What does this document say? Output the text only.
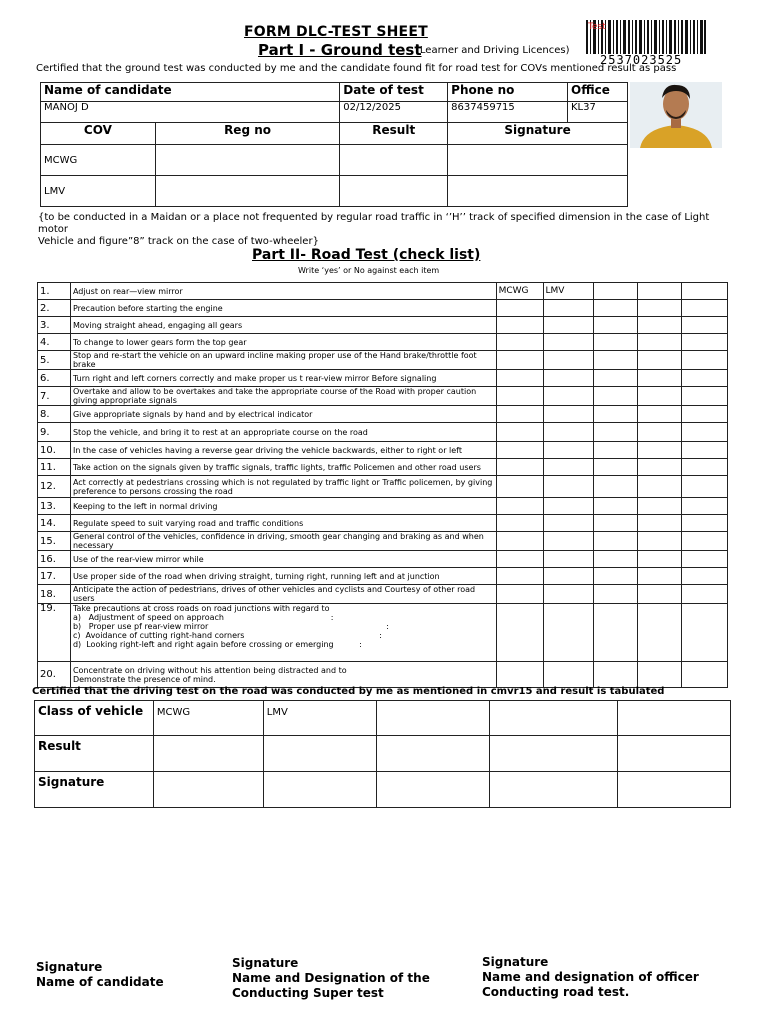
FORM DLC-TEST SHEET
Part I - Ground test
(Learner and Driving Licences)
Test
2537023525
Certified that the ground test was conducted by me and the candidate found fit for road test for COVs mentioned result as pass
Name of candidate		Date of test	Phone no	Office
MANOJ D		02/12/2025	8637459715	KL37
COV	Reg no	Result	Signature	
MCWG				
LMV				
{to be conducted in a Maidan or a place not frequented by regular road traffic in ‘’H’’ track of specified dimension in the case of Light motor
Vehicle and figure”8” track on the case of two-wheeler}
Part II- Road Test (check list)
Write ‘yes’ or No against each item
1.	Adjust on rear—view mirror	MCWG	LMV			
2.	Precaution before starting the engine					
3.	Moving straight ahead, engaging all gears					
4.	To change to lower gears form the top gear					
5.	Stop and re-start the vehicle on an upward incline making proper use of the Hand brake/throttle foot brake					
6.	Turn right and left corners correctly and make proper us t rear-view mirror Before signaling					
7.	Overtake and allow to be overtakes and take the appropriate course of the Road with proper caution giving appropriate signals					
8.	Give appropriate signals by hand and by electrical indicator					
9.	Stop the vehicle, and bring it to rest at an appropriate course on the road					
10.	In the case of vehicles having a reverse gear driving the vehicle backwards, either to right or left					
11.	Take action on the signals given by traffic signals, traffic lights, traffic Policemen and other road users					
12.	Act correctly at pedestrians crossing which is not regulated by traffic light or Traffic policemen, by giving preference to persons crossing the road					
13.	Keeping to the left in normal driving					
14.	Regulate speed to suit varying road and traffic conditions					
15.	General control of the vehicles, confidence in driving, smooth gear changing and braking as and when necessary					
16.	Use of the rear-view mirror while					
17.	Use proper side of the road when driving straight, turning right, running left and at junction					
18.	Anticipate the action of pedestrians, drives of other vehicles and cyclists and Courtesy of other road users					
19.	Take precautions at cross roads on road junctions with regard to
a)   Adjustment of speed on approach                                          :
b)   Proper use pf rear-view mirror                                                                      :
c)  Avoidance of cutting right-hand corners                                                     :
d)  Looking right-left and right again before crossing or emerging          :					

20.	Concentrate on driving without his attention being distracted and to
Demonstrate the presence of mind.					

Certified that the driving test on the road was conducted by me as mentioned in cmvr15 and result is tabulated
Class of vehicle	MCWG	LMV			
Result					
Signature					
Signature
Name of candidate
Signature
Name and Designation of the
Conducting Super test
Signature
Name and designation of officer
Conducting road test.
